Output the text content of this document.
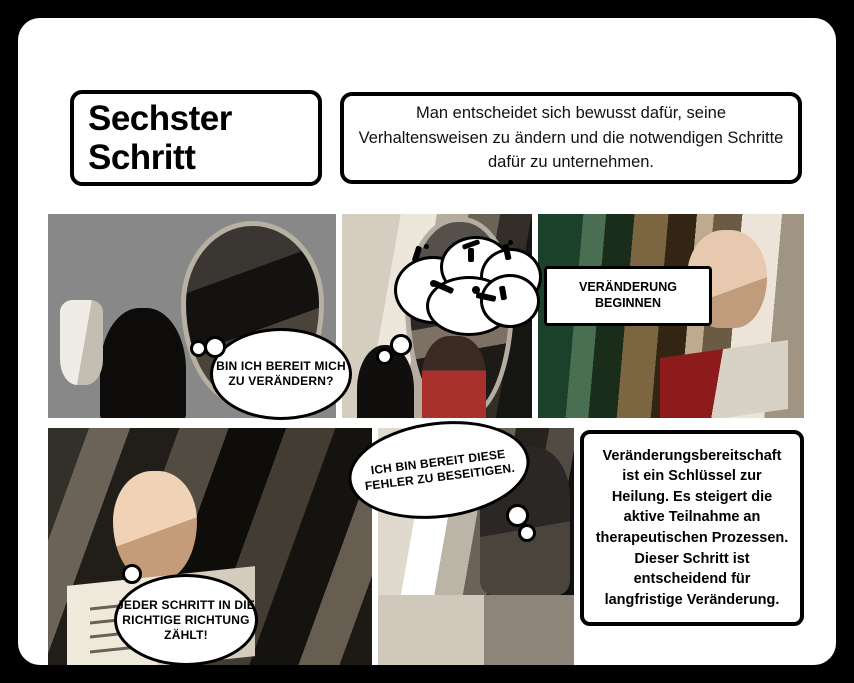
Sechster
Schritt
Man entscheidet sich bewusst dafür, seine Verhaltensweisen zu ändern und die notwendigen Schritte dafür zu unternehmen.
BIN ICH BEREIT MICH ZU VERÄNDERN?
VERÄNDERUNG
BEGINNEN
ICH BIN BEREIT DIESE FEHLER ZU BESEITIGEN.
JEDER SCHRITT IN DIE RICHTIGE RICHTUNG ZÄHLT!
Veränderungsbereitschaft ist ein Schlüssel zur Heilung. Es steigert die aktive Teilnahme an therapeutischen Prozessen. Dieser Schritt ist entscheidend für langfristige Veränderung.
